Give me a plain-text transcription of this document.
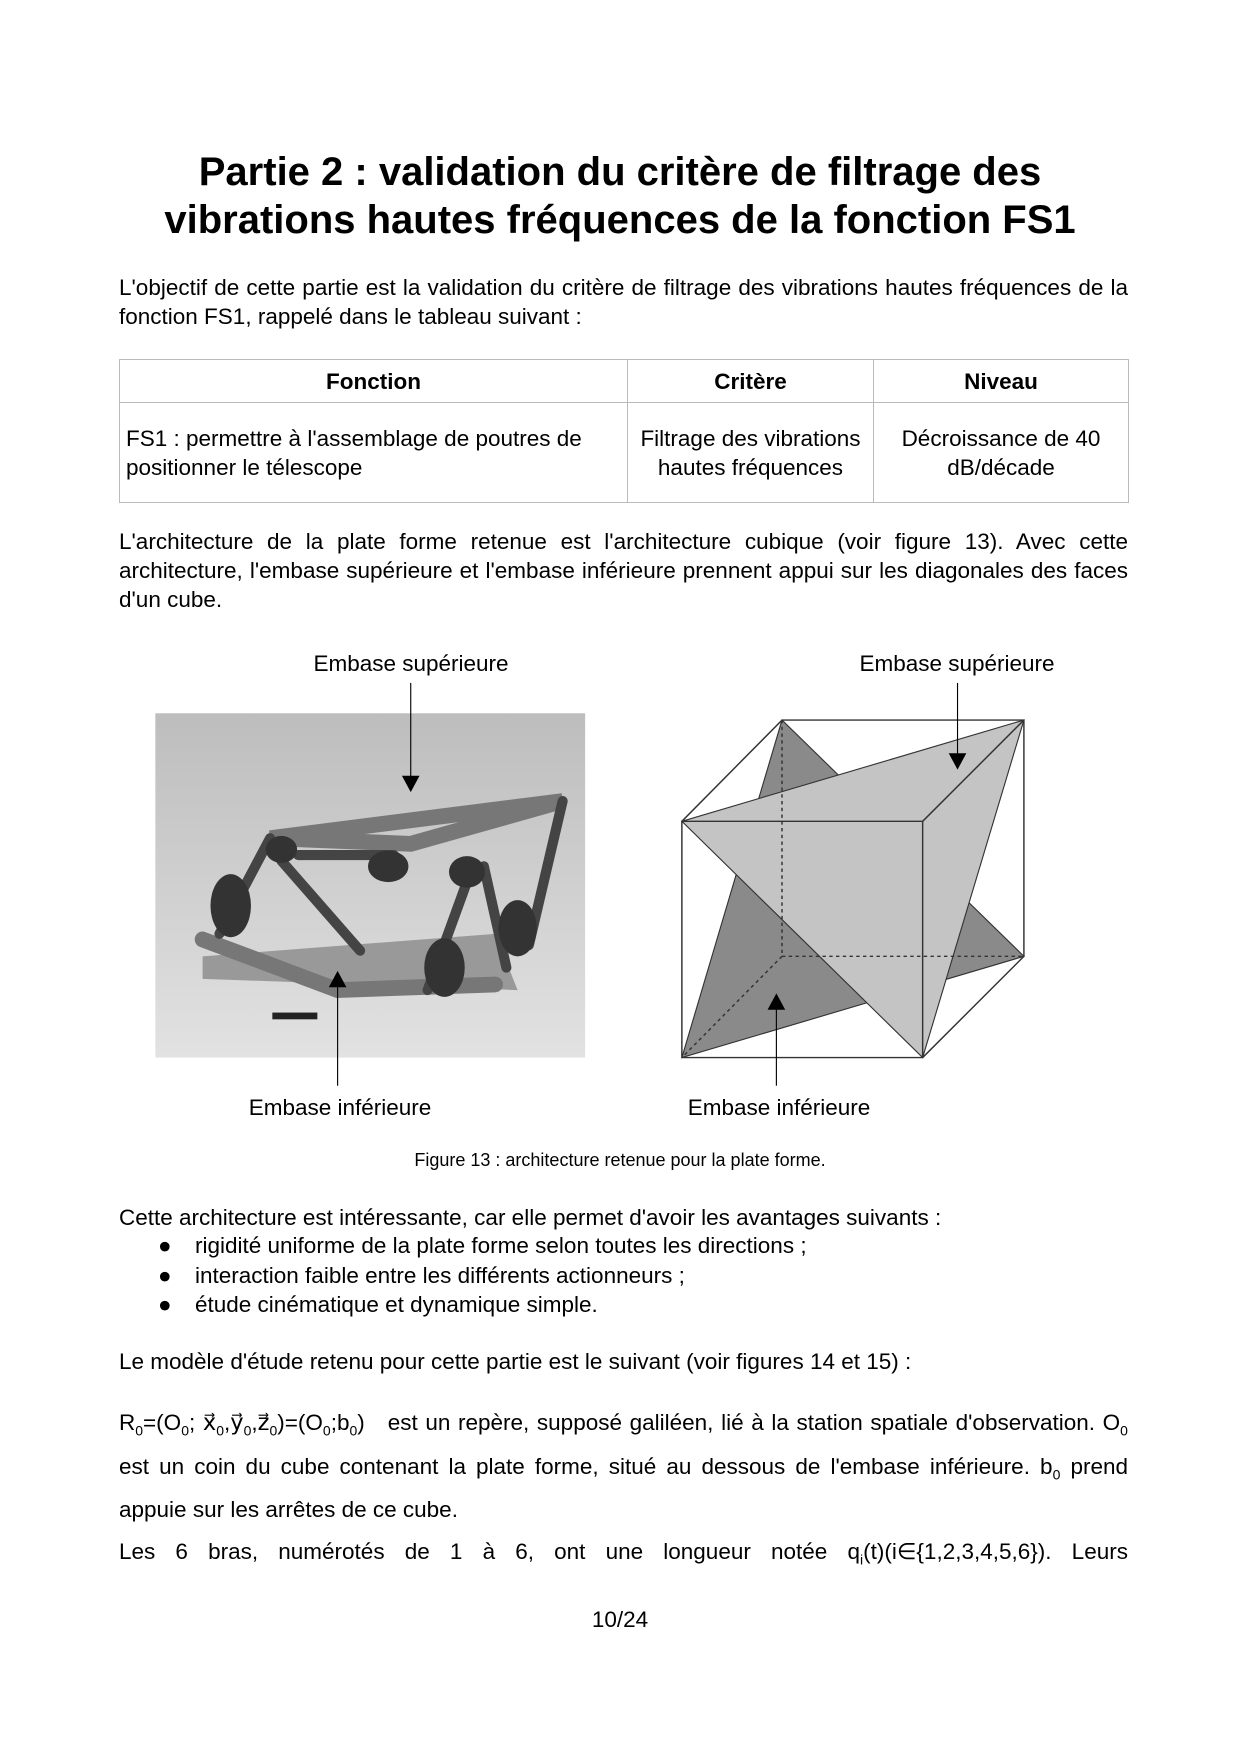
Partie 2 : validation du critère de filtrage des
vibrations hautes fréquences de la fonction FS1
L'objectif de cette partie est la validation du critère de filtrage des vibrations hautes fréquences de la fonction FS1, rappelé dans le tableau suivant :
Fonction	Critère	Niveau
FS1 : permettre à l'assemblage de poutres de positionner le télescope	Filtrage des vibrations hautes fréquences	Décroissance de 40 dB/décade
L'architecture de la plate forme retenue est l'architecture cubique (voir figure 13). Avec cette architecture, l'embase supérieure et l'embase inférieure prennent appui sur les diagonales des faces d'un cube.
Embase supérieure	Embase supérieure
Embase inférieure	Embase inférieure
Figure 13 : architecture retenue pour la plate forme.
Cette architecture est intéressante, car elle permet d'avoir les avantages suivants :
● rigidité uniforme de la plate forme selon toutes les directions ;
● interaction faible entre les différents actionneurs ;
● étude cinématique et dynamique simple.
Le modèle d'étude retenu pour cette partie est le suivant (voir figures 14 et 15) :
$R_0=(O_0$; $x_0,y_0,z_0)=(O_0;b_0)$ est un repère, supposé galiléen, lié à la station spatiale d'observation. $O_0$ est un coin du cube contenant la plate forme, situé au dessous de l'embase inférieure. $b_0$ prend appuie sur les arrêtes de ce cube.
Les 6 bras, numérotés de 1 à 6, ont une longueur notée $q_i(t)(i\in\{1,2,3,4,5,6\})$. Leurs
10/24
